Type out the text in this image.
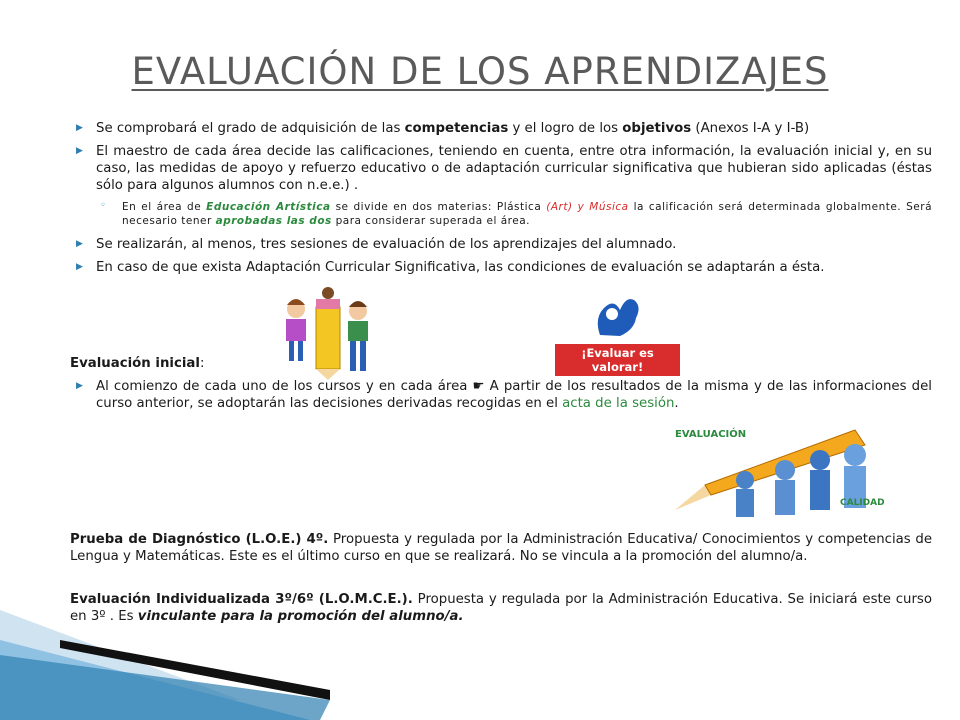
EVALUACIÓN DE LOS APRENDIZAJES
▶ Se comprobará el grado de adquisición de las competencias y el logro de los objetivos (Anexos I-A y I-B)
▶ El maestro de cada área decide las calificaciones, teniendo en cuenta, entre otra información, la evaluación inicial y, en su caso, las medidas de apoyo y refuerzo educativo o de adaptación curricular significativa que hubieran sido aplicadas (éstas sólo para algunos alumnos con n.e.e.) .
◦ En el área de Educación Artística se divide en dos materias: Plástica (Art) y Música la calificación será determinada globalmente. Será necesario tener aprobadas las dos para considerar superada el área.
▶ Se realizarán, al menos, tres sesiones de evaluación de los aprendizajes del alumnado.
▶ En caso de que exista Adaptación Curricular Significativa, las condiciones de evaluación se adaptarán a ésta.
¡Evaluar es valorar!
Evaluación inicial:
▶ Al comienzo de cada uno de los cursos y en cada área ☛ A partir de los resultados de la misma y de las informaciones del curso anterior, se adoptarán las decisiones derivadas recogidas en el acta de la sesión.
EVALUACIÓN
CALIDAD
Prueba de Diagnóstico (L.O.E.) 4º. Propuesta y regulada por la Administración Educativa/ Conocimientos y competencias de Lengua y Matemáticas. Este es el último curso en que se realizará. No se vincula a la promoción del alumno/a.
Evaluación Individualizada 3º/6º (L.O.M.C.E.). Propuesta y regulada por la Administración Educativa. Se iniciará este curso en 3º . Es vinculante para la promoción del alumno/a.
